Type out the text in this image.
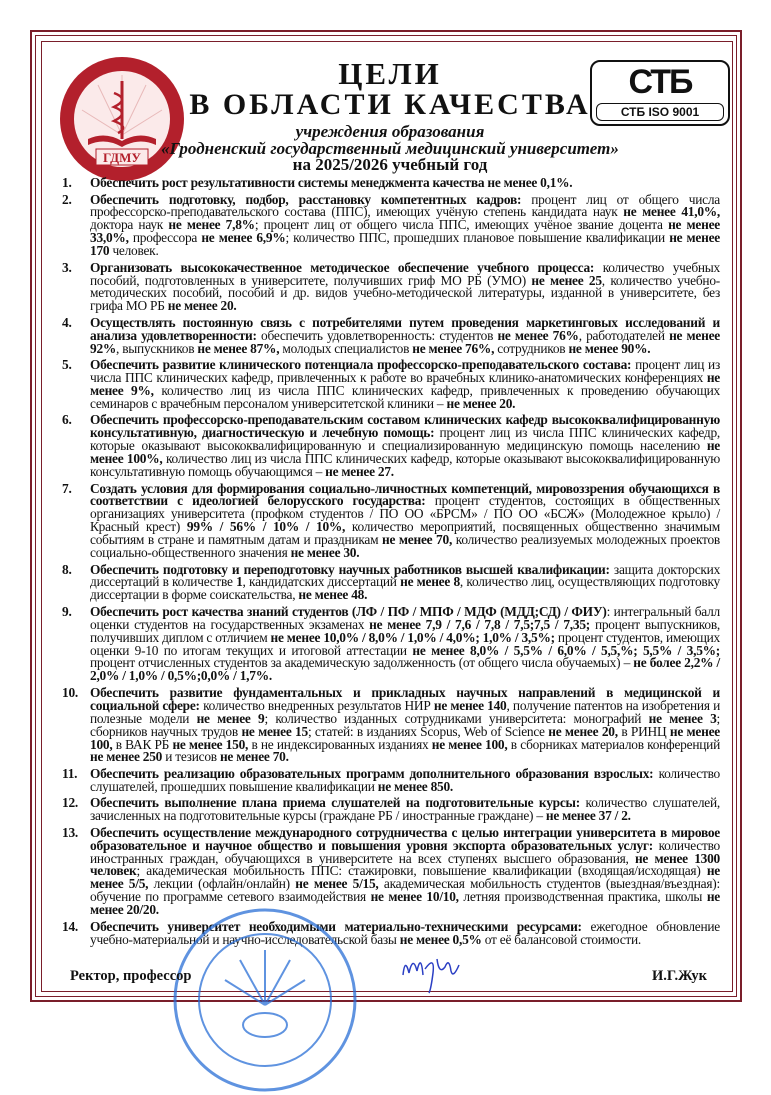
ГДМУ
СТБ
СТБ ISO 9001
ЦЕЛИ
В ОБЛАСТИ КАЧЕСТВА
учреждения образования
«Гродненский государственный медицинский университет»
на 2025/2026 учебный год
1.	Обеспечить рост результативности системы менеджмента качества не менее 0,1%.
2.	Обеспечить подготовку, подбор, расстановку компетентных кадров: процент лиц от общего числа профессорско-преподавательского состава (ППС), имеющих учёную степень кандидата наук не менее 41,0%, доктора наук не менее 7,8%; процент лиц от общего числа ППС, имеющих учёное звание доцента не менее 33,0%, профессора не менее 6,9%; количество ППС, прошедших плановое повышение квалификации не менее 170 человек.
3.	Организовать высококачественное методическое обеспечение учебного процесса: количество учебных пособий, подготовленных в университете, получивших гриф МО РБ (УМО) не менее 25, количество учебно-методических пособий, пособий и др. видов учебно-методической литературы, изданной в университете, без грифа МО РБ не менее 20.
4.	Осуществлять постоянную связь с потребителями путем проведения маркетинговых исследований и анализа удовлетворенности: обеспечить удовлетворенность: студентов не менее 76%, работодателей не менее 92%, выпускников не менее 87%, молодых специалистов не менее 76%, сотрудников не менее 90%.
5.	Обеспечить развитие клинического потенциала профессорско-преподавательского состава: процент лиц из числа ППС клинических кафедр, привлеченных к работе во врачебных клинико-анатомических конференциях не менее 9%, количество лиц из числа ППС клинических кафедр, привлеченных к проведению обучающих семинаров с врачебным персоналом университетской клиники – не менее 20.
6.	Обеспечить профессорско-преподавательским составом клинических кафедр высококвалифицированную консультативную, диагностическую и лечебную помощь: процент лиц из числа ППС клинических кафедр, которые оказывают высококвалифицированную и специализированную медицинскую помощь населению не менее 100%, количество лиц из числа ППС клинических кафедр, которые оказывают высококвалифицированную консультативную помощь обучающимся – не менее 27.
7.	Создать условия для формирования социально-личностных компетенций, мировоззрения обучающихся в соответствии с идеологией белорусского государства: процент студентов, состоящих в общественных организациях университета (профком студентов / ПО ОО «БРСМ» / ПО ОО «БСЖ» (Молодежное крыло) / Красный крест) 99% / 56% / 10% / 10%, количество мероприятий, посвященных общественно значимым событиям в стране и памятным датам и праздникам не менее 70, количество реализуемых молодежных проектов социально-общественного значения не менее 30.
8.	Обеспечить подготовку и переподготовку научных работников высшей квалификации: защита докторских диссертаций в количестве 1, кандидатских диссертаций не менее 8, количество лиц, осуществляющих подготовку диссертации в форме соискательства, не менее 48.
9.	Обеспечить рост качества знаний студентов (ЛФ / ПФ / МПФ / МДФ (МДД;СД) / ФИУ): интегральный балл оценки студентов на государственных экзаменах не менее 7,9 / 7,6 / 7,8 / 7,5;7,5 / 7,35; процент выпускников, получивших диплом с отличием не менее 10,0% / 8,0% / 1,0% / 4,0%; 1,0% / 3,5%; процент студентов, имеющих оценки 9-10 по итогам текущих и итоговой аттестации не менее 8,0% / 5,5% / 6,0% / 5,5,%; 5,5% / 3,5%; процент отчисленных студентов за академическую задолженность (от общего числа обучаемых) – не более 2,2% / 2,0% / 1,0% / 0,5%;0,0% / 1,7%.
10. Обеспечить развитие фундаментальных и прикладных научных направлений в медицинской и социальной сфере: количество внедренных результатов НИР не менее 140, получение патентов на изобретения и полезные модели не менее 9; количество изданных сотрудниками университета: монографий не менее 3; сборников научных трудов не менее 15; статей: в изданиях Scopus, Web of Science не менее 20, в РИНЦ не менее 100, в ВАК РБ не менее 150, в не индексированных изданиях не менее 100, в сборниках материалов конференций не менее 250 и тезисов не менее 70.
11. Обеспечить реализацию образовательных программ дополнительного образования взрослых: количество слушателей, прошедших повышение квалификации не менее 850.
12. Обеспечить выполнение плана приема слушателей на подготовительные курсы: количество слушателей, зачисленных на подготовительные курсы (граждане РБ / иностранные граждане) – не менее 37 / 2.
13. Обеспечить осуществление международного сотрудничества с целью интеграции университета в мировое образовательное и научное общество и повышения уровня экспорта образовательных услуг: количество иностранных граждан, обучающихся в университете на всех ступенях высшего образования, не менее 1300 человек; академическая мобильность ППС: стажировки, повышение квалификации (входящая/исходящая) не менее 5/5, лекции (офлайн/онлайн) не менее 5/15, академическая мобильность студентов (выездная/въездная): обучение по программе сетевого взаимодействия не менее 10/10, летняя производственная практика, школы не менее 20/20.
14. Обеспечить университет необходимыми материально-техническими ресурсами: ежегодное обновление учебно-материальной и научно-исследовательской базы не менее 0,5% от её балансовой стоимости.
Ректор, профессор	И.Г.Жук
